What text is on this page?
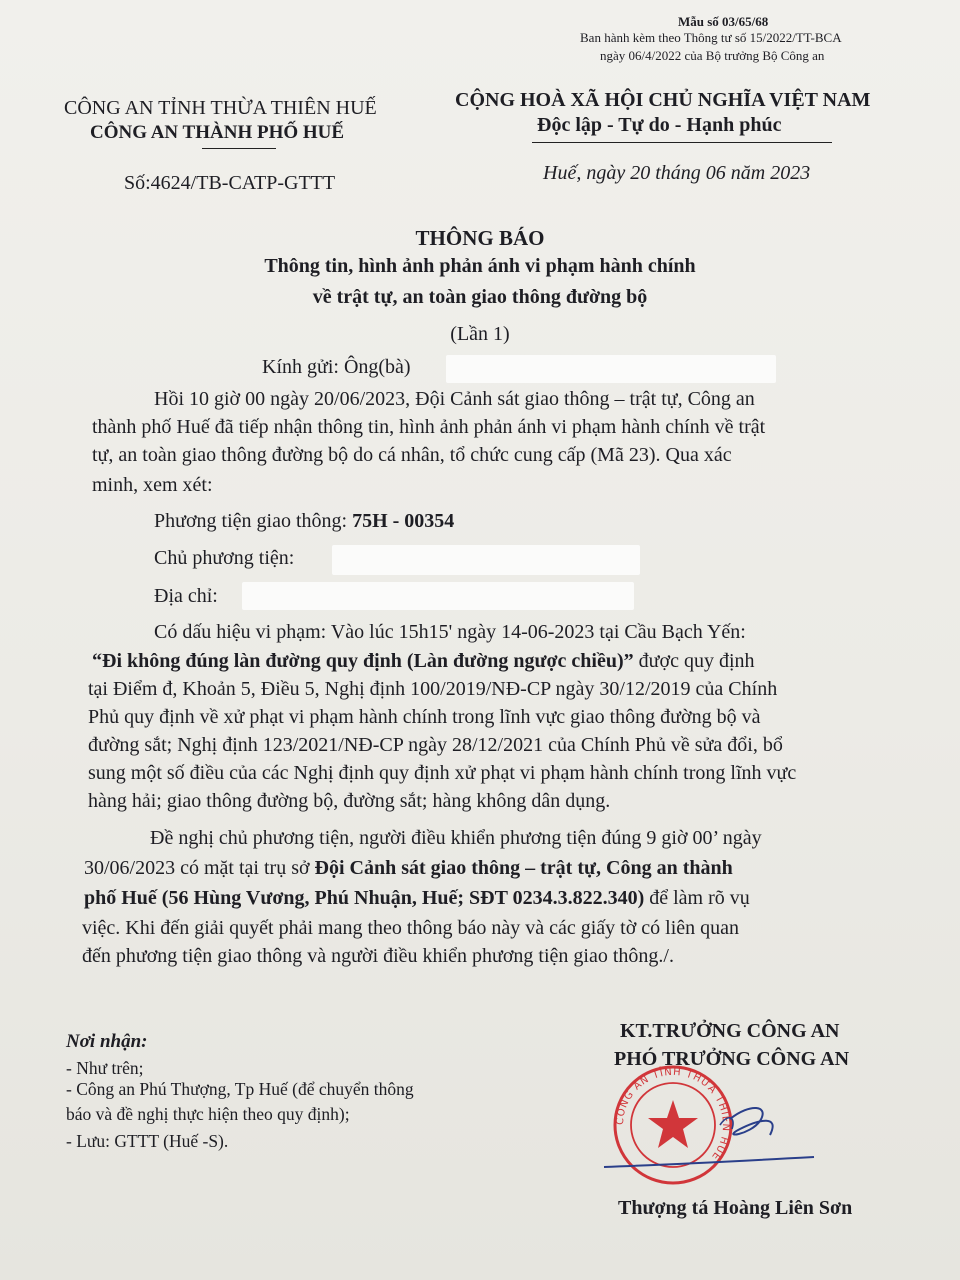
Mẫu số 03/65/68
Ban hành kèm theo Thông tư số 15/2022/TT-BCA
ngày 06/4/2022 của Bộ trưởng Bộ Công an
CÔNG AN TỈNH THỪA THIÊN HUẾ
CÔNG AN THÀNH PHỐ HUẾ
CỘNG HOÀ XÃ HỘI CHỦ NGHĨA VIỆT NAM
Độc lập - Tự do - Hạnh phúc
Số:4624/TB-CATP-GTTT	Huế, ngày 20 tháng 06 năm 2023
THÔNG BÁO
Thông tin, hình ảnh phản ánh vi phạm hành chính
về trật tự, an toàn giao thông đường bộ
(Lần 1)
Kính gửi: Ông(bà)
Hồi 10 giờ 00 ngày 20/06/2023, Đội Cảnh sát giao thông – trật tự, Công an
thành phố Huế đã tiếp nhận thông tin, hình ảnh phản ánh vi phạm hành chính về trật
tự, an toàn giao thông đường bộ do cá nhân, tổ chức cung cấp (Mã 23). Qua xác
minh, xem xét:
Phương tiện giao thông: 75H - 00354
Chủ phương tiện:
Địa chỉ:
Có dấu hiệu vi phạm: Vào lúc 15h15' ngày 14-06-2023 tại Cầu Bạch Yến:
“Đi không đúng làn đường quy định (Làn đường ngược chiều)” được quy định
tại Điểm đ, Khoản 5, Điều 5, Nghị định 100/2019/NĐ-CP ngày 30/12/2019 của Chính
Phủ quy định về xử phạt vi phạm hành chính trong lĩnh vực giao thông đường bộ và
đường sắt; Nghị định 123/2021/NĐ-CP ngày 28/12/2021 của Chính Phủ về sửa đổi, bổ
sung một số điều của các Nghị định quy định xử phạt vi phạm hành chính trong lĩnh vực
hàng hải; giao thông đường bộ, đường sắt; hàng không dân dụng.
Đề nghị chủ phương tiện, người điều khiển phương tiện đúng 9 giờ 00’ ngày
30/06/2023 có mặt tại trụ sở Đội Cảnh sát giao thông – trật tự, Công an thành
phố Huế (56 Hùng Vương, Phú Nhuận, Huế; SĐT 0234.3.822.340) để làm rõ vụ
việc. Khi đến giải quyết phải mang theo thông báo này và các giấy tờ có liên quan
đến phương tiện giao thông và người điều khiển phương tiện giao thông./.
Nơi nhận:
- Như trên;
- Công an Phú Thượng, Tp Huế (để chuyển thông
báo và đề nghị thực hiện theo quy định);
- Lưu: GTTT (Huế -S).
CÔNG AN TỈNH THỪA THIÊN HUẾ
KT.TRƯỞNG CÔNG AN
PHÓ TRƯỞNG CÔNG AN
Thượng tá Hoàng Liên Sơn
